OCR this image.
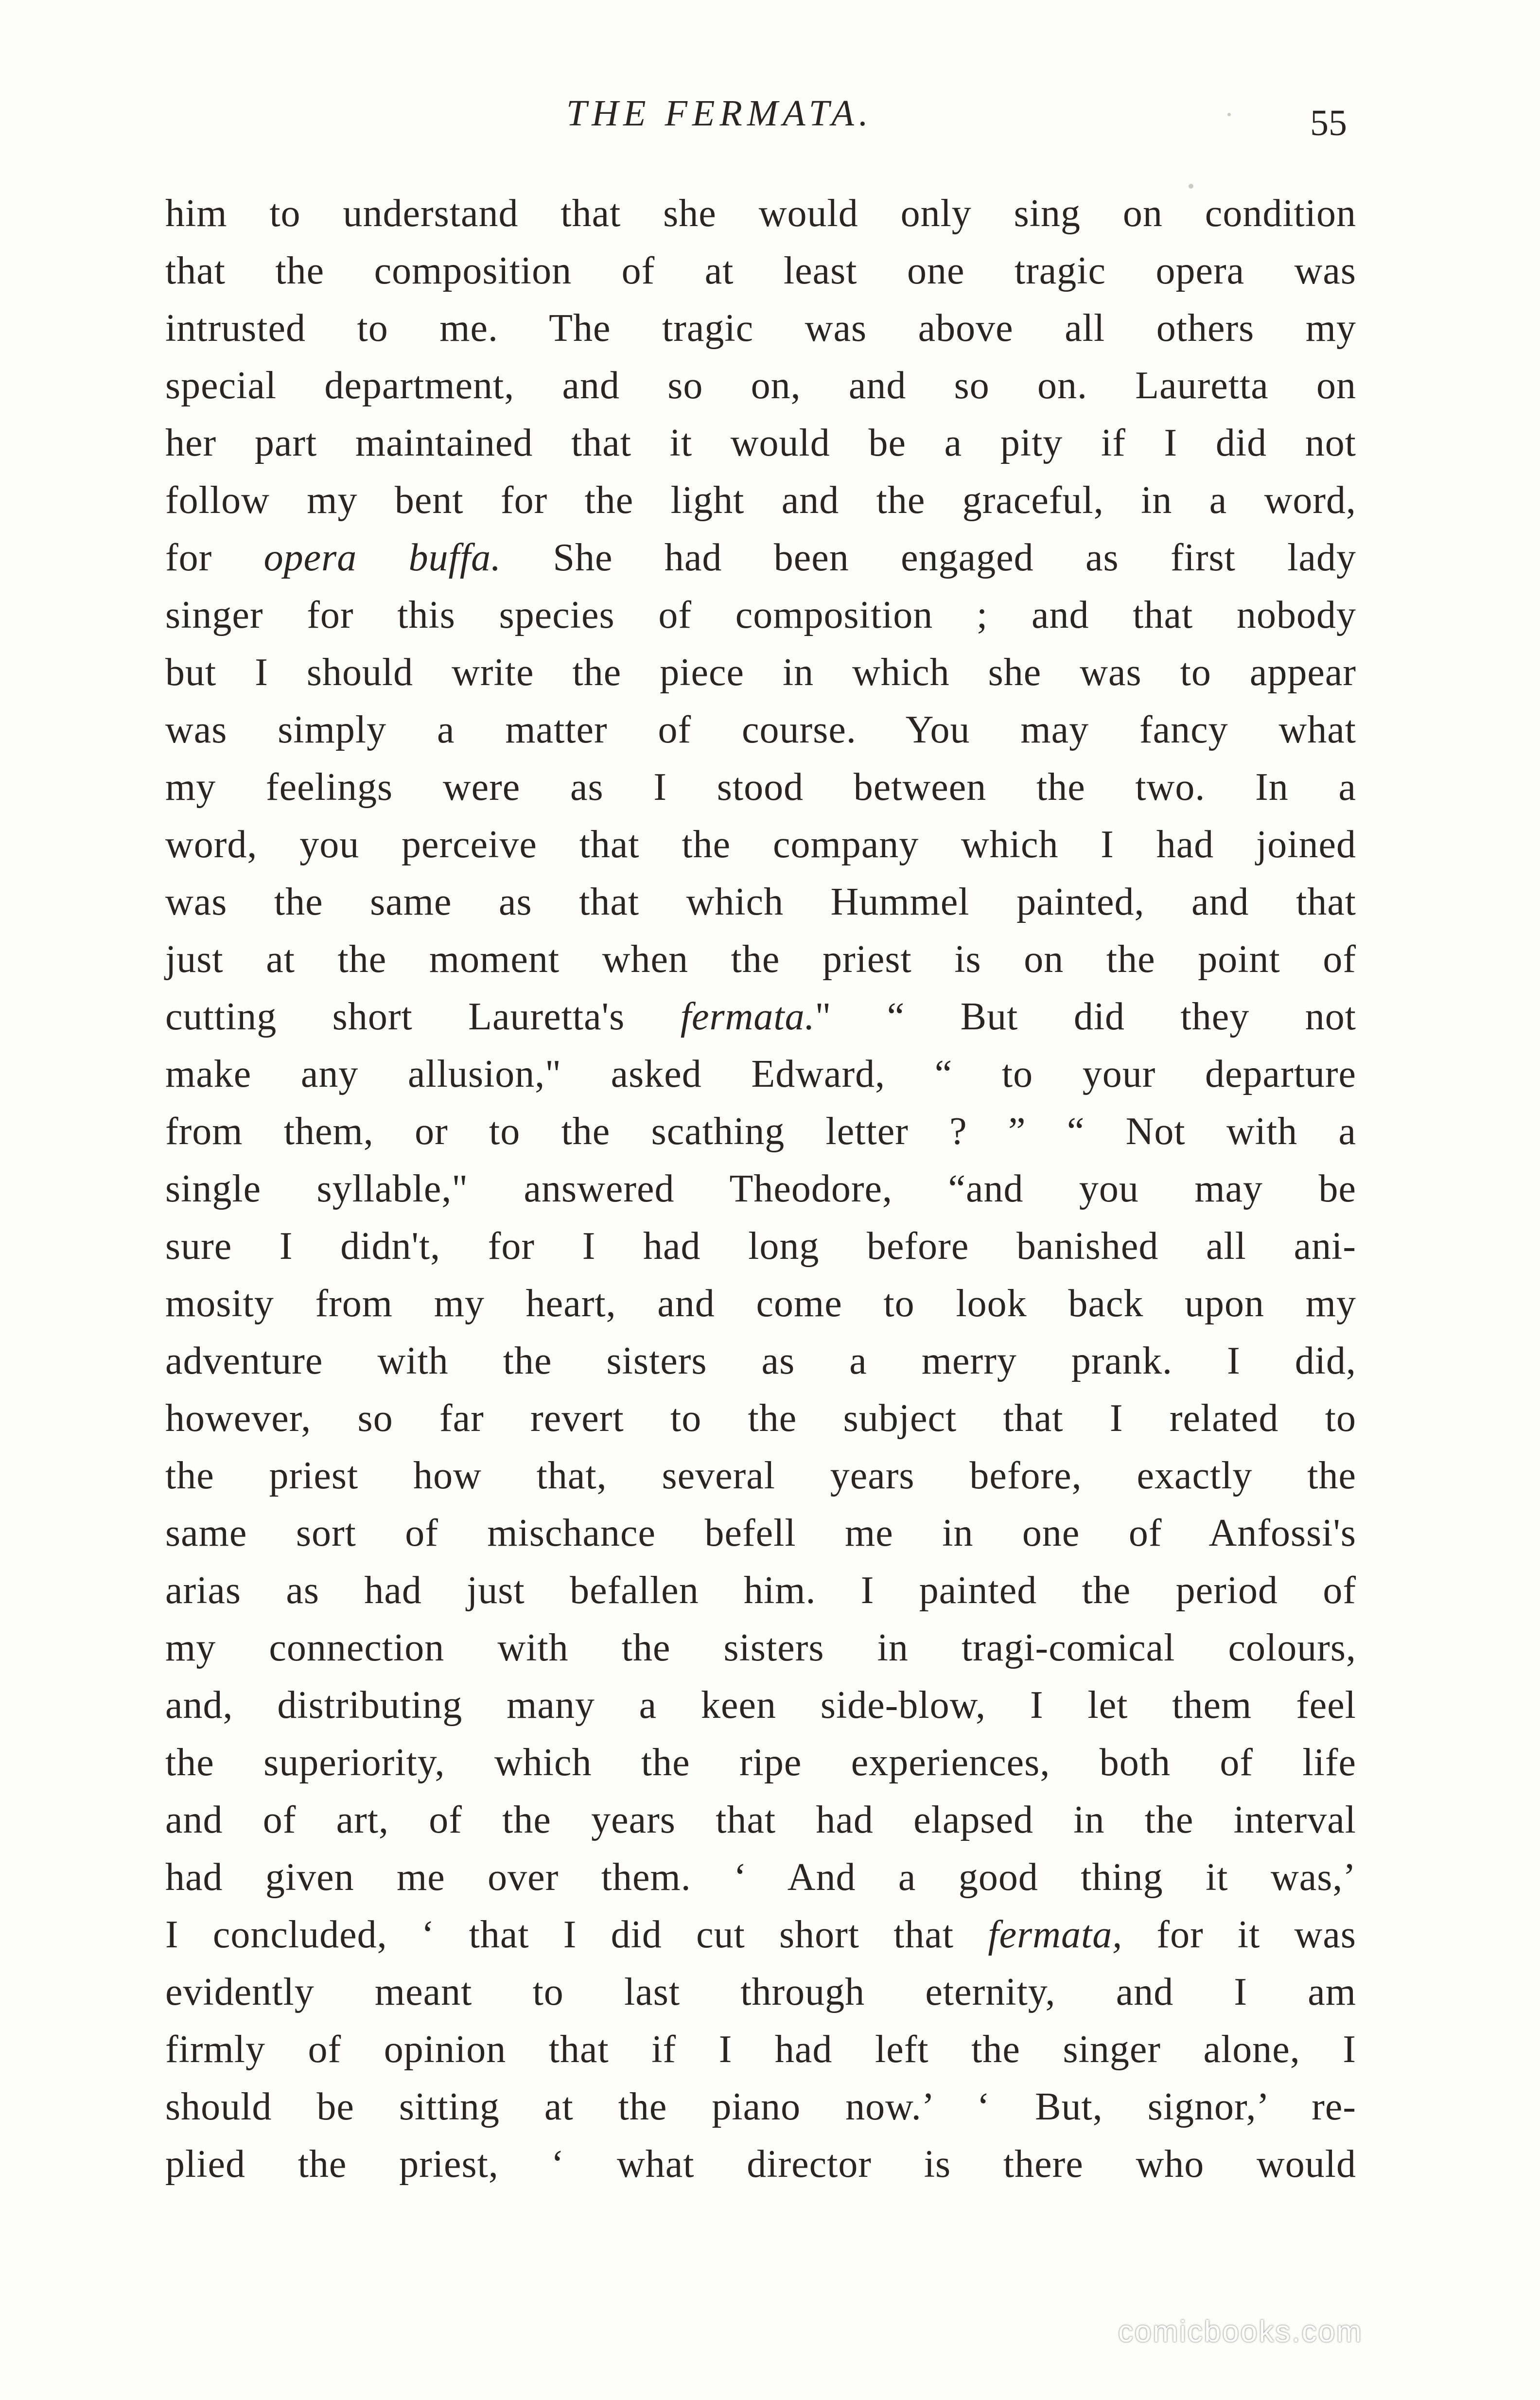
THE FERMATA.	55
him to understand that she would only sing on condition
that the composition of at least one tragic opera was
intrusted to me. The tragic was above all others my
special department, and so on, and so on. Lauretta on
her part maintained that it would be a pity if I did not
follow my bent for the light and the graceful, in a word,
for opera buffa. She had been engaged as first lady
singer for this species of composition ; and that nobody
but I should write the piece in which she was to appear
was simply a matter of course. You may fancy what
my feelings were as I stood between the two. In a
word, you perceive that the company which I had joined
was the same as that which Hummel painted, and that
just at the moment when the priest is on the point of
cutting short Lauretta's fermata." “ But did they not
make any allusion," asked Edward, “ to your departure
from them, or to the scathing letter ? ” “ Not with a
single syllable," answered Theodore, “and you may be
sure I didn't, for I had long before banished all ani-
mosity from my heart, and come to look back upon my
adventure with the sisters as a merry prank. I did,
however, so far revert to the subject that I related to
the priest how that, several years before, exactly the
same sort of mischance befell me in one of Anfossi's
arias as had just befallen him. I painted the period of
my connection with the sisters in tragi-comical colours,
and, distributing many a keen side-blow, I let them feel
the superiority, which the ripe experiences, both of life
and of art, of the years that had elapsed in the interval
had given me over them. ‘ And a good thing it was,’
I concluded, ‘ that I did cut short that fermata, for it was
evidently meant to last through eternity, and I am
firmly of opinion that if I had left the singer alone, I
should be sitting at the piano now.’ ‘ But, signor,’ re-
plied the priest, ‘ what director is there who would
comicbooks.com
